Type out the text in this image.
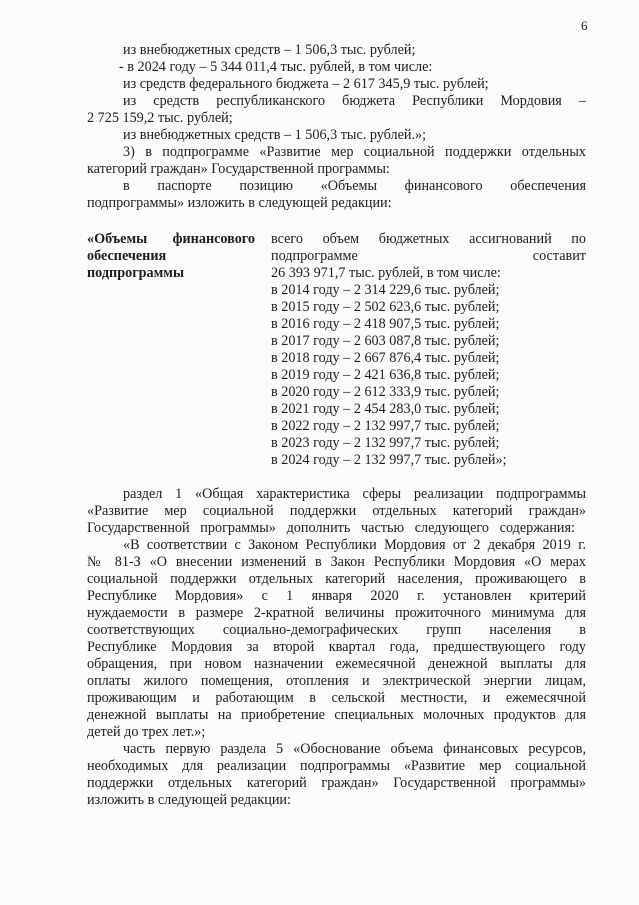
6
из внебюджетных средств – 1 506,3 тыс. рублей;
- в 2024 году – 5 344 011,4 тыс. рублей, в том числе:
из средств федерального бюджета – 2 617 345,9 тыс. рублей;
из средств республиканского бюджета Республики Мордовия –
2 725 159,2 тыс. рублей;
из внебюджетных средств – 1 506,3 тыс. рублей.»;
3) в подпрограмме «Развитие мер социальной поддержки отдельных
категорий граждан» Государственной программы:
в паспорте позицию «Объемы финансового обеспечения
подпрограммы» изложить в следующей редакции:
«Объемы финансового
обеспечения
подпрограммы
всего объем бюджетных ассигнований по
подпрограмме составит
26 393 971,7 тыс. рублей, в том числе:
в 2014 году – 2 314 229,6 тыс. рублей;
в 2015 году – 2 502 623,6 тыс. рублей;
в 2016 году – 2 418 907,5 тыс. рублей;
в 2017 году – 2 603 087,8 тыс. рублей;
в 2018 году – 2 667 876,4 тыс. рублей;
в 2019 году – 2 421 636,8 тыс. рублей;
в 2020 году – 2 612 333,9 тыс. рублей;
в 2021 году – 2 454 283,0 тыс. рублей;
в 2022 году – 2 132 997,7 тыс. рублей;
в 2023 году – 2 132 997,7 тыс. рублей;
в 2024 году – 2 132 997,7 тыс. рублей»;
раздел 1 «Общая характеристика сферы реализации подпрограммы
«Развитие мер социальной поддержки отдельных категорий граждан»
Государственной программы» дополнить частью следующего содержания:
«В соответствии с Законом Республики Мордовия от 2 декабря 2019 г.
№ 81-З «О внесении изменений в Закон Республики Мордовия «О мерах
социальной поддержки отдельных категорий населения, проживающего в
Республике Мордовия» с 1 января 2020 г. установлен критерий
нуждаемости в размере 2-кратной величины прожиточного минимума для
соответствующих социально-демографических групп населения в
Республике Мордовия за второй квартал года, предшествующего году
обращения, при новом назначении ежемесячной денежной выплаты для
оплаты жилого помещения, отопления и электрической энергии лицам,
проживающим и работающим в сельской местности, и ежемесячной
денежной выплаты на приобретение специальных молочных продуктов для
детей до трех лет.»;
часть первую раздела 5 «Обоснование объема финансовых ресурсов,
необходимых для реализации подпрограммы «Развитие мер социальной
поддержки отдельных категорий граждан» Государственной программы»
изложить в следующей редакции:
